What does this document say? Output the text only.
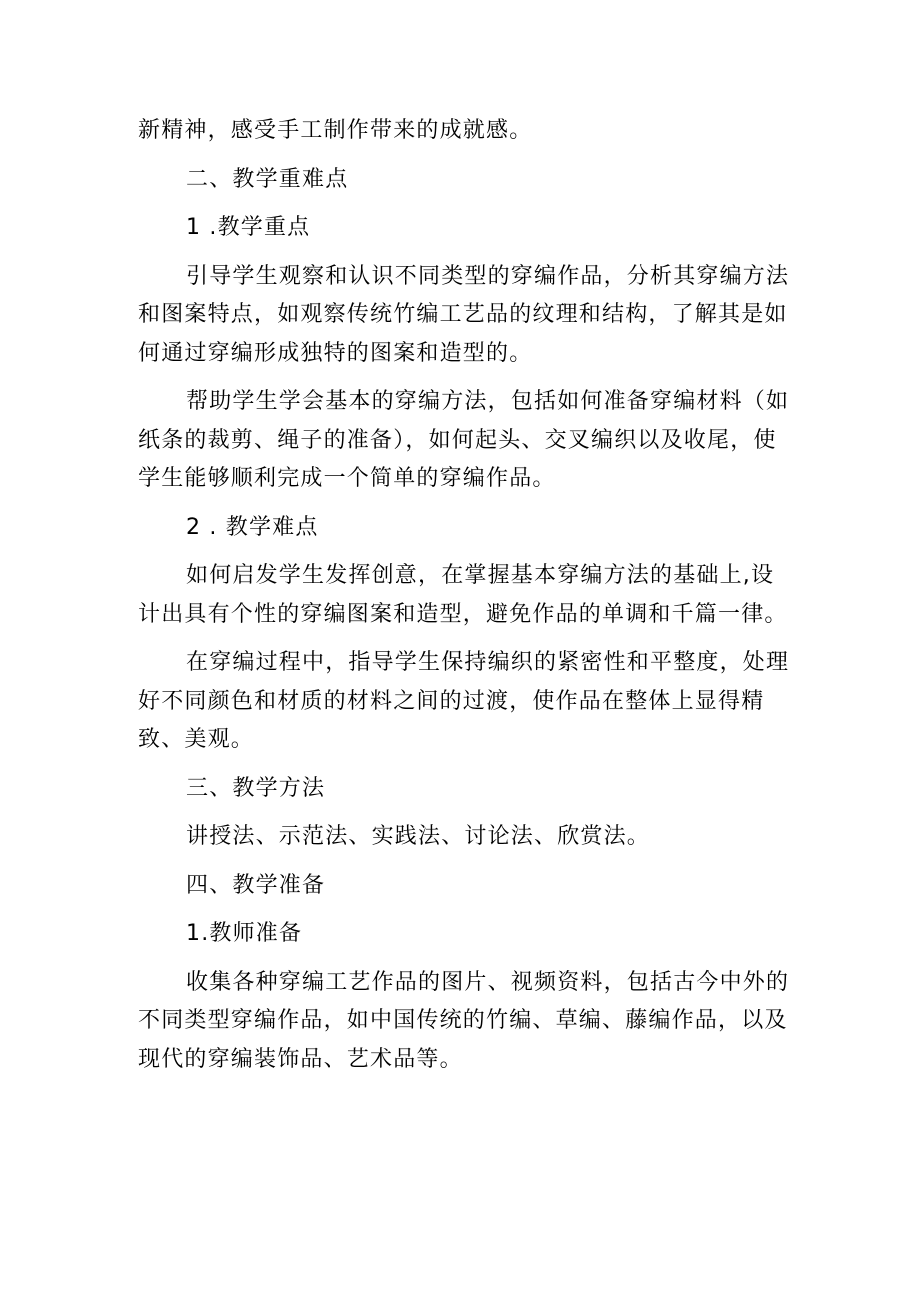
新精神，感受手工制作带来的成就感。

二、教学重难点

1 .教学重点

引导学生观察和认识不同类型的穿编作品，分析其穿编方法和图案特点，如观察传统竹编工艺品的纹理和结构，了解其是如何通过穿编形成独特的图案和造型的。

帮助学生学会基本的穿编方法，包括如何准备穿编材料（如纸条的裁剪、绳子的准备），如何起头、交叉编织以及收尾，使学生能够顺利完成一个简单的穿编作品。

2 . 教学难点

如何启发学生发挥创意，在掌握基本穿编方法的基础上,设计出具有个性的穿编图案和造型，避免作品的单调和千篇一律。

在穿编过程中，指导学生保持编织的紧密性和平整度，处理好不同颜色和材质的材料之间的过渡，使作品在整体上显得精致、美观。

三、教学方法

讲授法、示范法、实践法、讨论法、欣赏法。

四、教学准备

1.教师准备

收集各种穿编工艺作品的图片、视频资料，包括古今中外的不同类型穿编作品，如中国传统的竹编、草编、藤编作品，以及现代的穿编装饰品、艺术品等。
